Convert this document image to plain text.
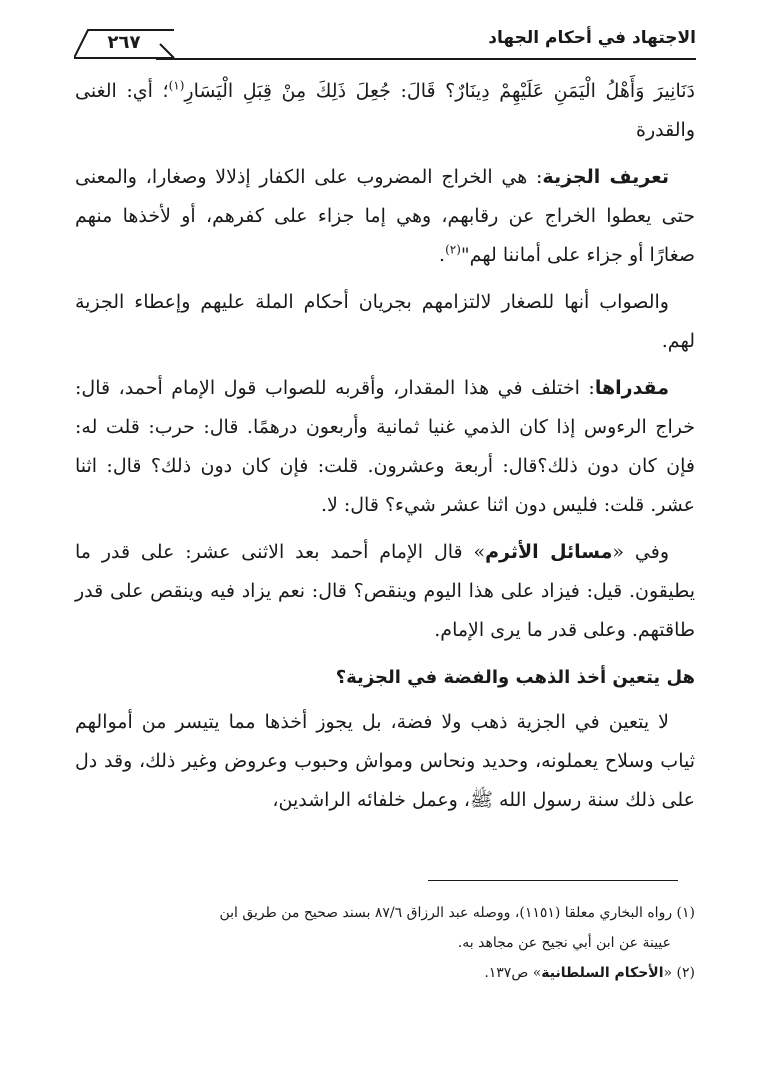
الاجتهاد في أحكام الجهاد
٢٦٧

دَنَانِيرَ وَأَهْلُ الْيَمَنِ عَلَيْهِمْ دِينَارٌ؟ قَالَ: جُعِلَ ذَلِكَ مِنْ قِبَلِ الْيَسَارِ$^{(١)}$؛ أي: الغنى والقدرة

تعريف الجزية: هي الخراج المضروب على الكفار إذلالا وصغارا، والمعنى حتى يعطوا الخراج عن رقابهم، وهي إما جزاء على كفرهم، أو لأخذها منهم صغارًا أو جزاء على أماننا لهم"$^{(٢)}$.

والصواب أنها للصغار لالتزامهم بجريان أحكام الملة عليهم وإعطاء الجزية لهم.

مقدراها: اختلف في هذا المقدار، وأقربه للصواب قول الإمام أحمد، قال: خراج الرءوس إذا كان الذمي غنيا ثمانية وأربعون درهمًا. قال: حرب: قلت له: فإن كان دون ذلك؟قال: أربعة وعشرون. قلت: فإن كان دون ذلك؟ قال: اثنا عشر. قلت: فليس دون اثنا عشر شيء؟ قال: لا.

وفي «مسائل الأثرم» قال الإمام أحمد بعد الاثنى عشر: على قدر ما يطيقون. قيل: فيزاد على هذا اليوم وينقص؟ قال: نعم يزاد فيه وينقص على قدر طاقتهم. وعلى قدر ما يرى الإمام.

هل يتعين أخذ الذهب والفضة في الجزية؟

لا يتعين في الجزية ذهب ولا فضة، بل يجوز أخذها مما يتيسر من أموالهم ثياب وسلاح يعملونه، وحديد ونحاس ومواش وحبوب وعروض وغير ذلك، وقد دل على ذلك سنة رسول الله ﷺ، وعمل خلفائه الراشدين،

(١) رواه البخاري معلقا (١١٥١)، ووصله عبد الرزاق ٨٧/٦ بسند صحيح من طريق ابن
عيينة عن ابن أبي نجيح عن مجاهد به.

(٢) «الأحكام السلطانية» ص١٣٧.
